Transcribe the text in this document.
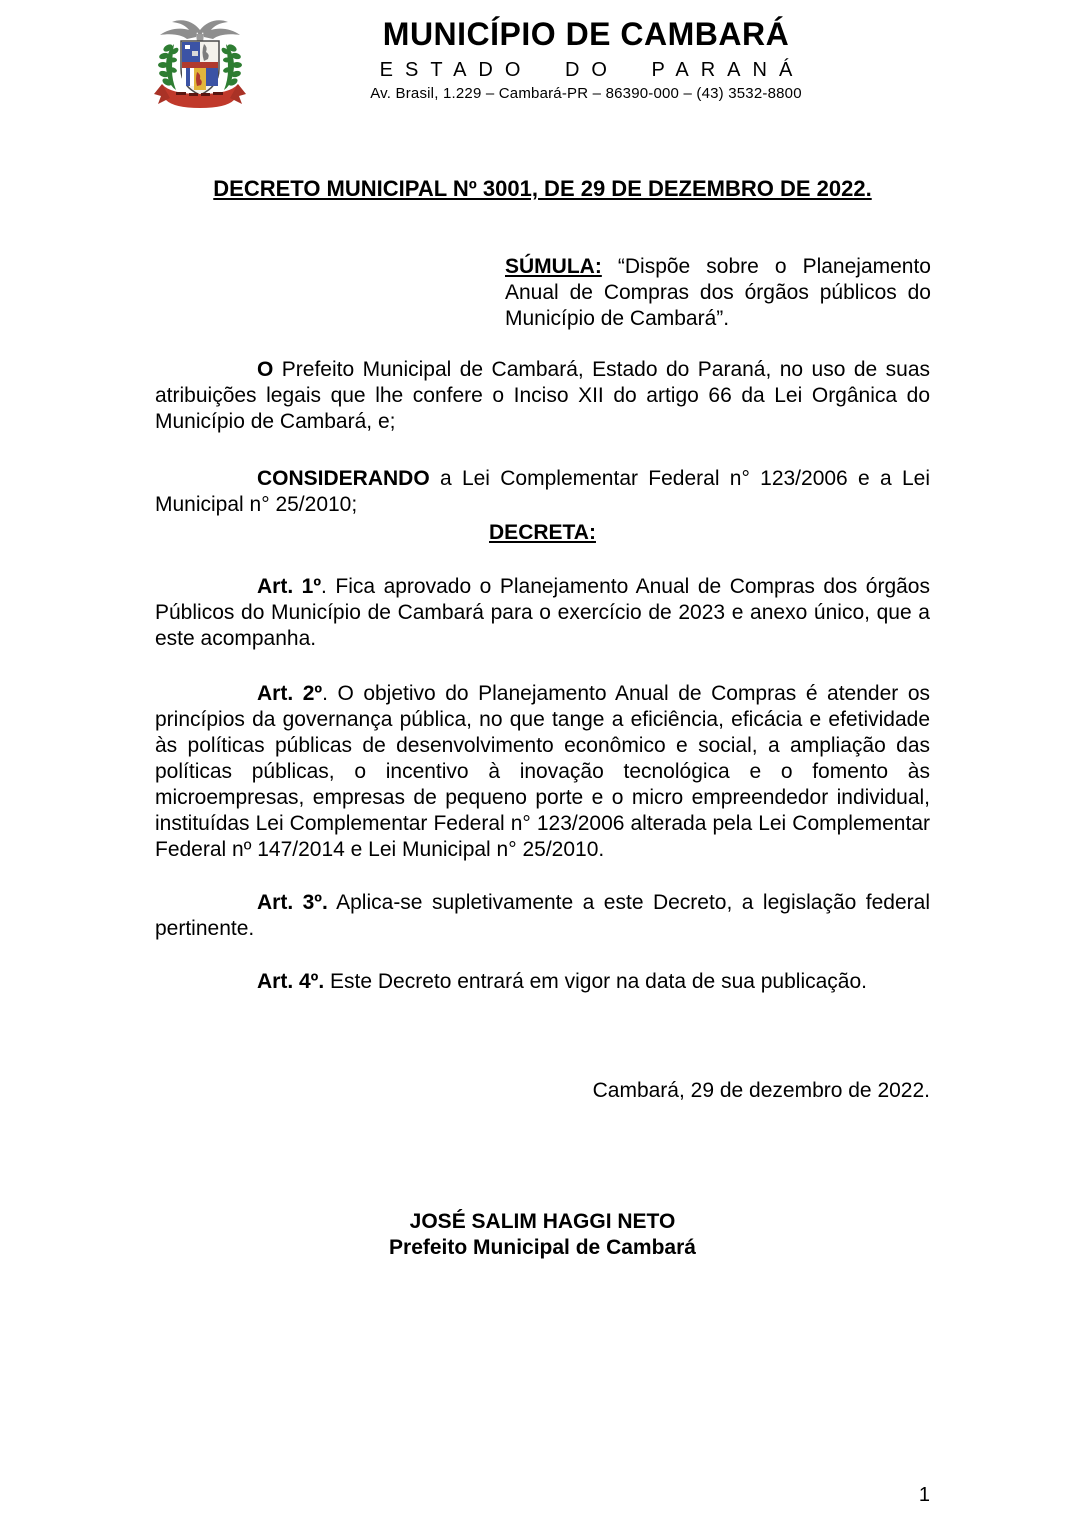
MUNICÍPIO DE CAMBARÁ
ESTADO DO PARANÁ
Av. Brasil, 1.229 – Cambará-PR – 86390-000 – (43) 3532-8800
DECRETO MUNICIPAL Nº 3001, DE 29 DE DEZEMBRO DE 2022.
SÚMULA: “Dispõe sobre o Planejamento Anual de Compras dos órgãos públicos do Município de Cambará”.
O Prefeito Municipal de Cambará, Estado do Paraná, no uso de suas atribuições legais que lhe confere o Inciso XII do artigo 66 da Lei Orgânica do Município de Cambará, e;
CONSIDERANDO a Lei Complementar Federal n° 123/2006 e a Lei Municipal n° 25/2010;
DECRETA:
Art. 1º. Fica aprovado o Planejamento Anual de Compras dos órgãos Públicos do Município de Cambará para o exercício de 2023 e anexo único, que a este acompanha.
Art. 2º. O objetivo do Planejamento Anual de Compras é atender os princípios da governança pública, no que tange a eficiência, eficácia e efetividade às políticas públicas de desenvolvimento econômico e social, a ampliação das políticas públicas, o incentivo à inovação tecnológica e o fomento às microempresas, empresas de pequeno porte e o micro empreendedor individual, instituídas Lei Complementar Federal n° 123/2006 alterada pela Lei Complementar Federal nº 147/2014 e Lei Municipal n° 25/2010.
Art. 3º. Aplica-se supletivamente a este Decreto, a legislação federal pertinente.
Art. 4º. Este Decreto entrará em vigor na data de sua publicação.
Cambará, 29 de dezembro de 2022.
JOSÉ SALIM HAGGI NETO
Prefeito Municipal de Cambará
1
